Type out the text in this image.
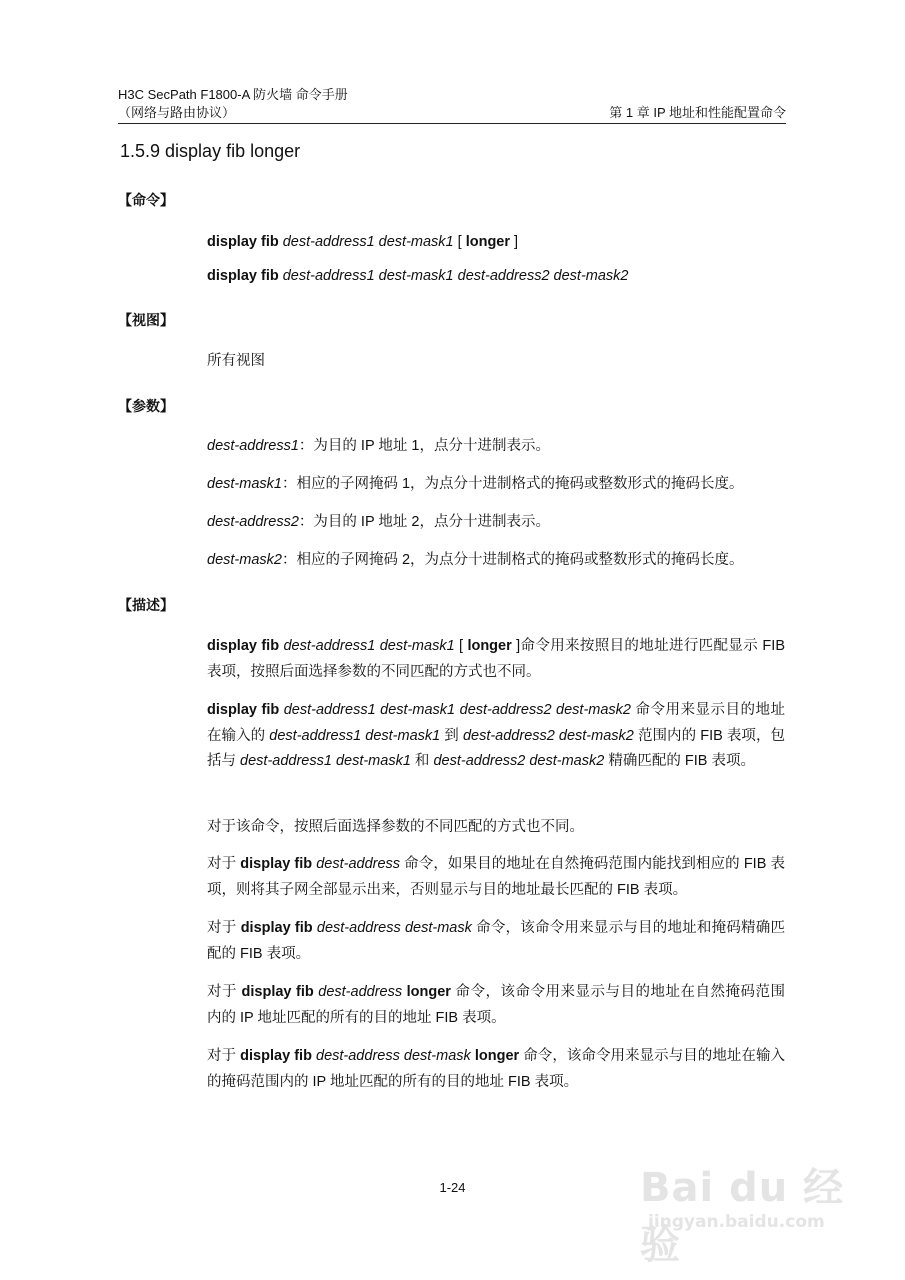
H3C SecPath F1800-A 防火墙 命令手册
（网络与路由协议）	第 1 章 IP 地址和性能配置命令
1.5.9 display fib longer
【命令】
display fib dest-address1 dest-mask1 [ longer ]
display fib dest-address1 dest-mask1 dest-address2 dest-mask2
【视图】
所有视图
【参数】
dest-address1：为目的 IP 地址 1，点分十进制表示。
dest-mask1：相应的子网掩码 1，为点分十进制格式的掩码或整数形式的掩码长度。
dest-address2：为目的 IP 地址 2，点分十进制表示。
dest-mask2：相应的子网掩码 2，为点分十进制格式的掩码或整数形式的掩码长度。
【描述】
display fib dest-address1 dest-mask1 [ longer ]命令用来按照目的地址进行匹配显示 FIB 表项，按照后面选择参数的不同匹配的方式也不同。
display fib dest-address1 dest-mask1 dest-address2 dest-mask2 命令用来显示目的地址在输入的 dest-address1 dest-mask1 到 dest-address2 dest-mask2 范围内的 FIB 表项，包括与 dest-address1 dest-mask1 和 dest-address2 dest-mask2 精确匹配的 FIB 表项。
对于该命令，按照后面选择参数的不同匹配的方式也不同。
对于 display fib dest-address 命令，如果目的地址在自然掩码范围内能找到相应的 FIB 表项，则将其子网全部显示出来，否则显示与目的地址最长匹配的 FIB 表项。
对于 display fib dest-address dest-mask 命令，该命令用来显示与目的地址和掩码精确匹配的 FIB 表项。
对于 display fib dest-address longer 命令，该命令用来显示与目的地址在自然掩码范围内的 IP 地址匹配的所有的目的地址 FIB 表项。
对于 display fib dest-address dest-mask longer 命令，该命令用来显示与目的地址在输入的掩码范围内的 IP 地址匹配的所有的目的地址 FIB 表项。
1-24	Bai du 经验
jingyan.baidu.com
